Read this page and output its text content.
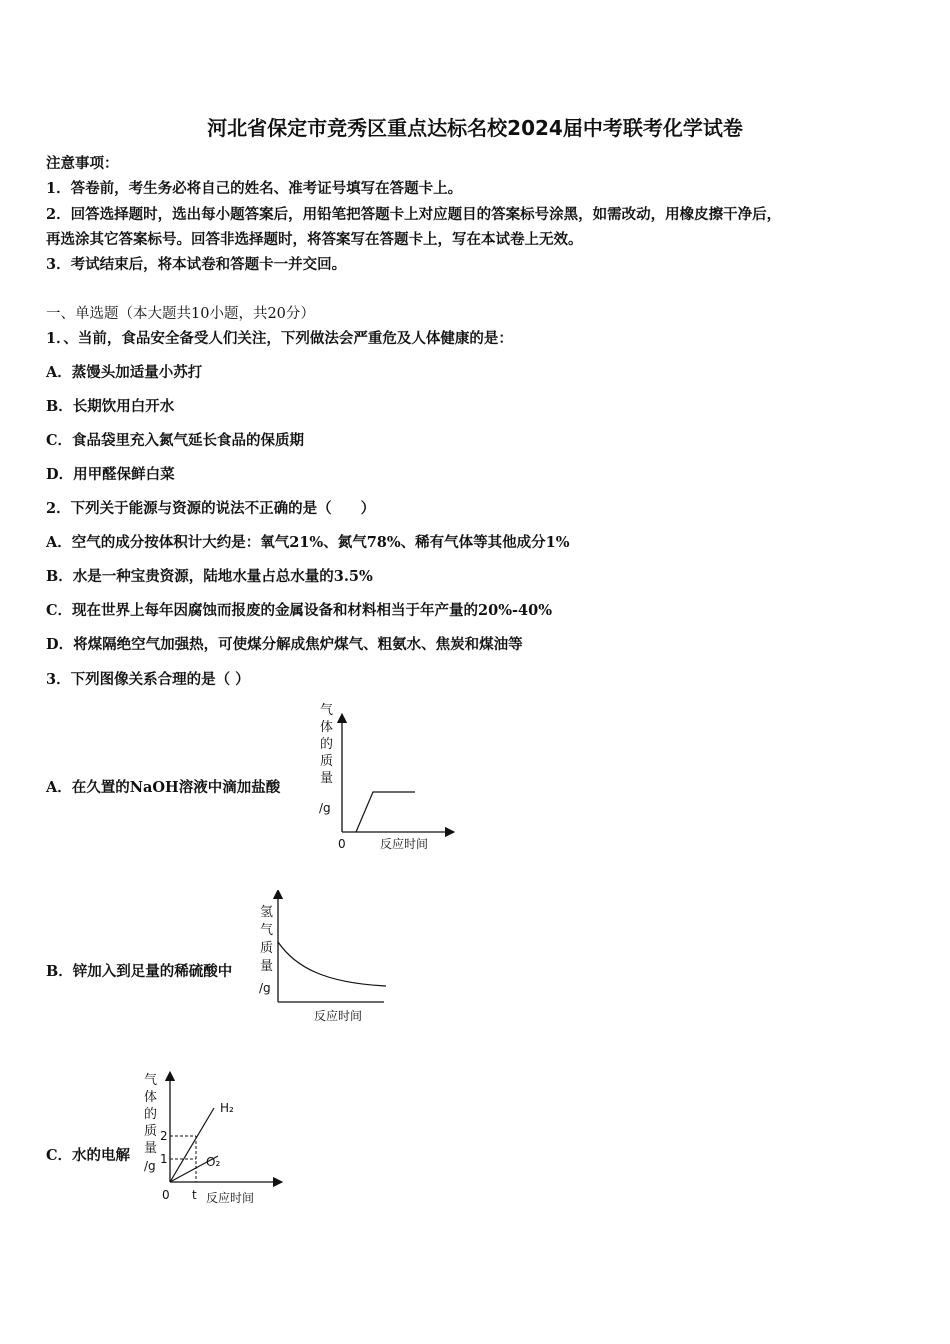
河北省保定市竞秀区重点达标名校2024届中考联考化学试卷
注意事项：
1．答卷前，考生务必将自己的姓名、准考证号填写在答题卡上。
2．回答选择题时，选出每小题答案后，用铅笔把答题卡上对应题目的答案标号涂黑，如需改动，用橡皮擦干净后，
再选涂其它答案标号。回答非选择题时，将答案写在答题卡上，写在本试卷上无效。
3．考试结束后，将本试卷和答题卡一并交回。
一、单选题（本大题共10小题，共20分）
1．、当前，食品安全备受人们关注，下列做法会严重危及人体健康的是：
A．蒸馒头加适量小苏打
B．长期饮用白开水
C．食品袋里充入氮气延长食品的保质期
D．用甲醛保鲜白菜
2．下列关于能源与资源的说法不正确的是（　　）
A．空气的成分按体积计大约是：氧气21%、氮气78%、稀有气体等其他成分1%
B．水是一种宝贵资源，陆地水量占总水量的3.5%
C．现在世界上每年因腐蚀而报废的金属设备和材料相当于年产量的20%-40%
D．将煤隔绝空气加强热，可使煤分解成焦炉煤气、粗氨水、焦炭和煤油等
3．下列图像关系合理的是（ ）
A．在久置的NaOH溶液中滴加盐酸
B．锌加入到足量的稀硫酸中
C．水的电解
气
体
的
质
量
/g
0	反应时间
氢
气
质
量
/g
反应时间
气
体
的
质
量
/g
2
1
0 t 反应时间
H₂
O₂
